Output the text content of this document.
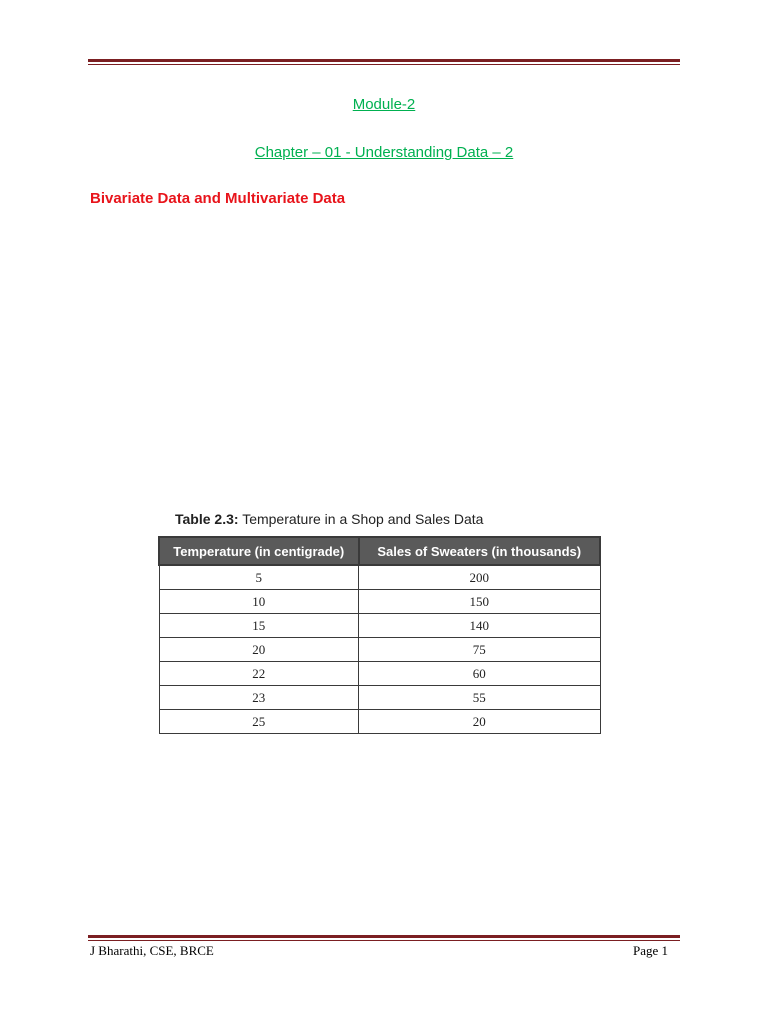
Module-2
Chapter – 01 - Understanding Data – 2
Bivariate Data and Multivariate Data
Table 2.3: Temperature in a Shop and Sales Data
Temperature (in centigrade)	Sales of Sweaters (in thousands)
5	200
10	150
15	140
20	75
22	60
23	55
25	20
J Bharathi, CSE, BRCE	Page 1
